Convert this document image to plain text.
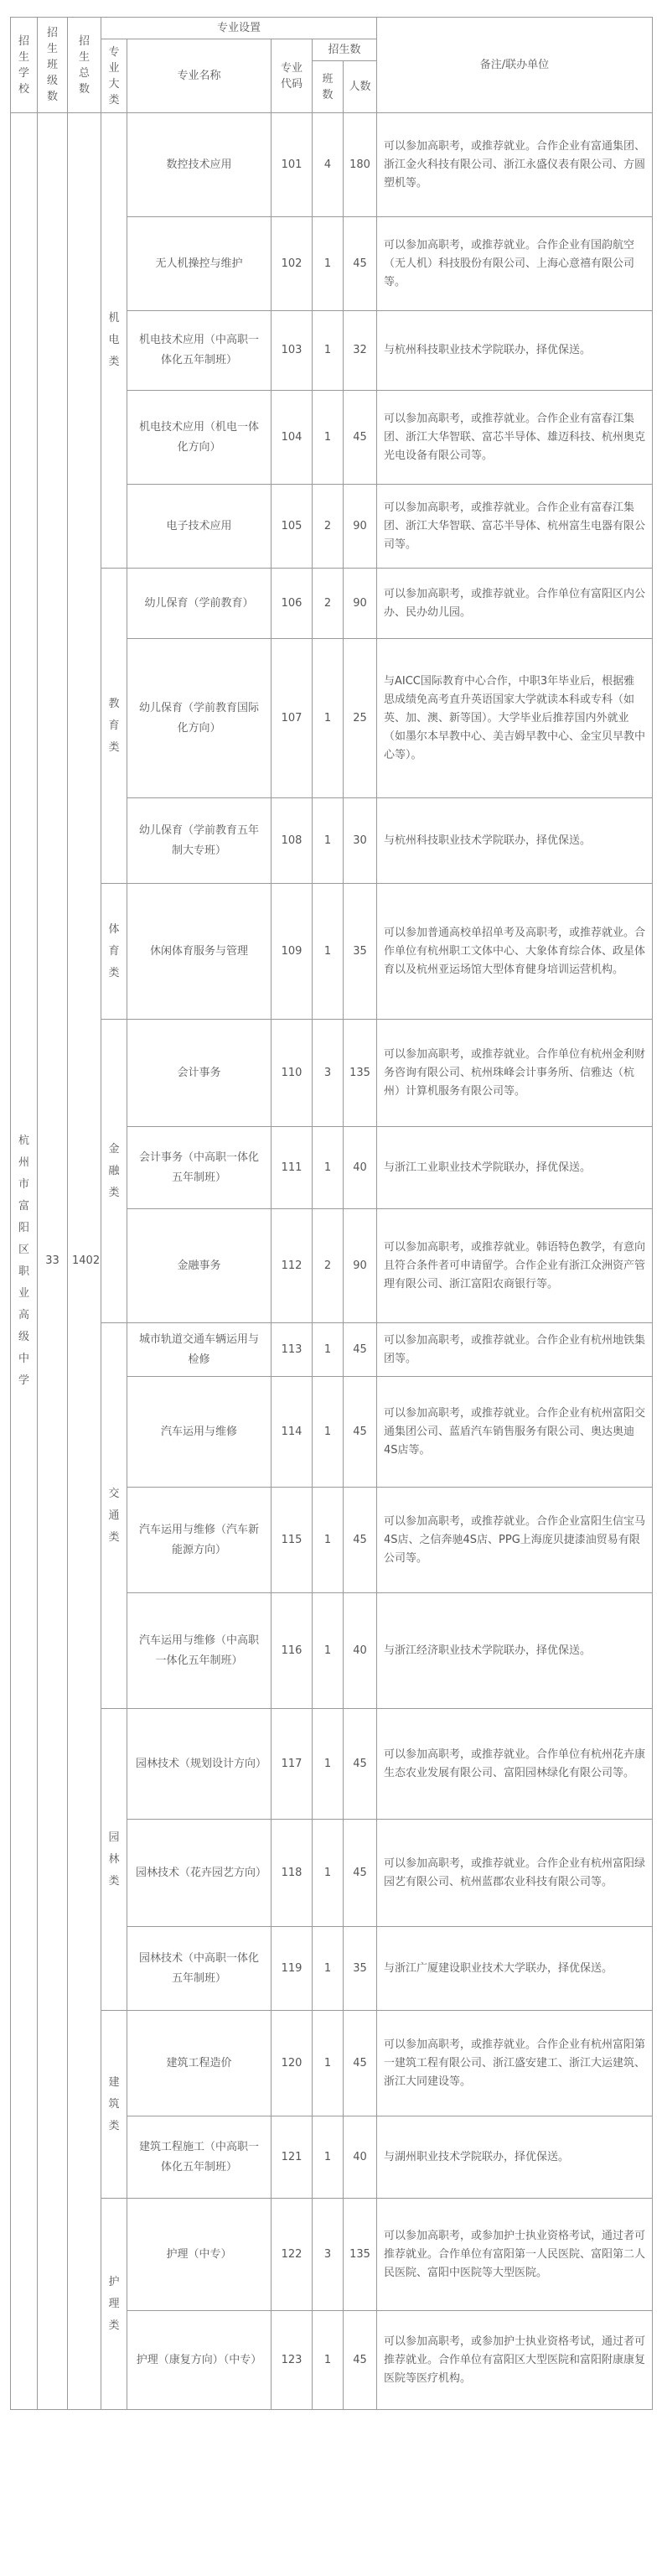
招生学校	招生班级数	招生总数	专业设置					备注/联办单位
			专业大类	专业名称	专业代码	招生数		
						班数	人数	
杭州市富阳区职业高级中学	33	1402	机电类	数控技术应用	101	4	180	可以参加高职考，或推荐就业。合作企业有富通集团、浙江金火科技有限公司、浙江永盛仪表有限公司、方圆塑机等。
				无人机操控与维护	102	1	45	可以参加高职考，或推荐就业。合作企业有国韵航空（无人机）科技股份有限公司、上海心意禧有限公司等。
				机电技术应用（中高职一体化五年制班）	103	1	32	与杭州科技职业技术学院联办，择优保送。
				机电技术应用（机电一体化方向）	104	1	45	可以参加高职考，或推荐就业。合作企业有富春江集团、浙江大华智联、富芯半导体、雄迈科技、杭州奥克光电设备有限公司等。
				电子技术应用	105	2	90	可以参加高职考，或推荐就业。合作企业有富春江集团、浙江大华智联、富芯半导体、杭州富生电器有限公司等。
			教育类	幼儿保育（学前教育）	106	2	90	可以参加高职考，或推荐就业。合作单位有富阳区内公办、民办幼儿园。
				幼儿保育（学前教育国际化方向）	107	1	25	与AICC国际教育中心合作，中职3年毕业后，根据雅思成绩免高考直升英语国家大学就读本科或专科（如英、加、澳、新等国）。大学毕业后推荐国内外就业（如墨尔本早教中心、美吉姆早教中心、金宝贝早教中心等）。
				幼儿保育（学前教育五年制大专班）	108	1	30	与杭州科技职业技术学院联办，择优保送。
			体育类	休闲体育服务与管理	109	1	35	可以参加普通高校单招单考及高职考，或推荐就业。合作单位有杭州职工文体中心、大象体育综合体、政星体育以及杭州亚运场馆大型体育健身培训运营机构。
			金融类	会计事务	110	3	135	可以参加高职考，或推荐就业。合作单位有杭州金利财务咨询有限公司、杭州珠峰会计事务所、信雅达（杭州）计算机服务有限公司等。
				会计事务（中高职一体化五年制班）	111	1	40	与浙江工业职业技术学院联办，择优保送。
				金融事务	112	2	90	可以参加高职考，或推荐就业。韩语特色教学，有意向且符合条件者可申请留学。合作企业有浙江众洲资产管理有限公司、浙江富阳农商银行等。
			交通类	城市轨道交通车辆运用与检修	113	1	45	可以参加高职考，或推荐就业。合作企业有杭州地铁集团等。
				汽车运用与维修	114	1	45	可以参加高职考，或推荐就业。合作企业有杭州富阳交通集团公司、蓝盾汽车销售服务有限公司、奥达奥迪4S店等。
				汽车运用与维修（汽车新能源方向）	115	1	45	可以参加高职考，或推荐就业。合作企业富阳生信宝马4S店、之信奔驰4S店、PPG上海庞贝捷漆油贸易有限公司等。
				汽车运用与维修（中高职一体化五年制班）	116	1	40	与浙江经济职业技术学院联办，择优保送。
			园林类	园林技术（规划设计方向）	117	1	45	可以参加高职考，或推荐就业。合作单位有杭州花卉康生态农业发展有限公司、富阳园林绿化有限公司等。
				园林技术（花卉园艺方向）	118	1	45	可以参加高职考，或推荐就业。合作企业有杭州富阳绿园艺有限公司、杭州蓝郡农业科技有限公司等。
				园林技术（中高职一体化五年制班）	119	1	35	与浙江广厦建设职业技术大学联办，择优保送。
			建筑类	建筑工程造价	120	1	45	可以参加高职考，或推荐就业。合作企业有杭州富阳第一建筑工程有限公司、浙江盛安建工、浙江大运建筑、浙江大同建设等。
				建筑工程施工（中高职一体化五年制班）	121	1	40	与湖州职业技术学院联办，择优保送。
			护理类	护理（中专）	122	3	135	可以参加高职考，或参加护士执业资格考试，通过者可推荐就业。合作单位有富阳第一人民医院、富阳第二人民医院、富阳中医院等大型医院。
				护理（康复方向）（中专）	123	1	45	可以参加高职考，或参加护士执业资格考试，通过者可推荐就业。合作单位有富阳区大型医院和富阳附康康复医院等医疗机构。
